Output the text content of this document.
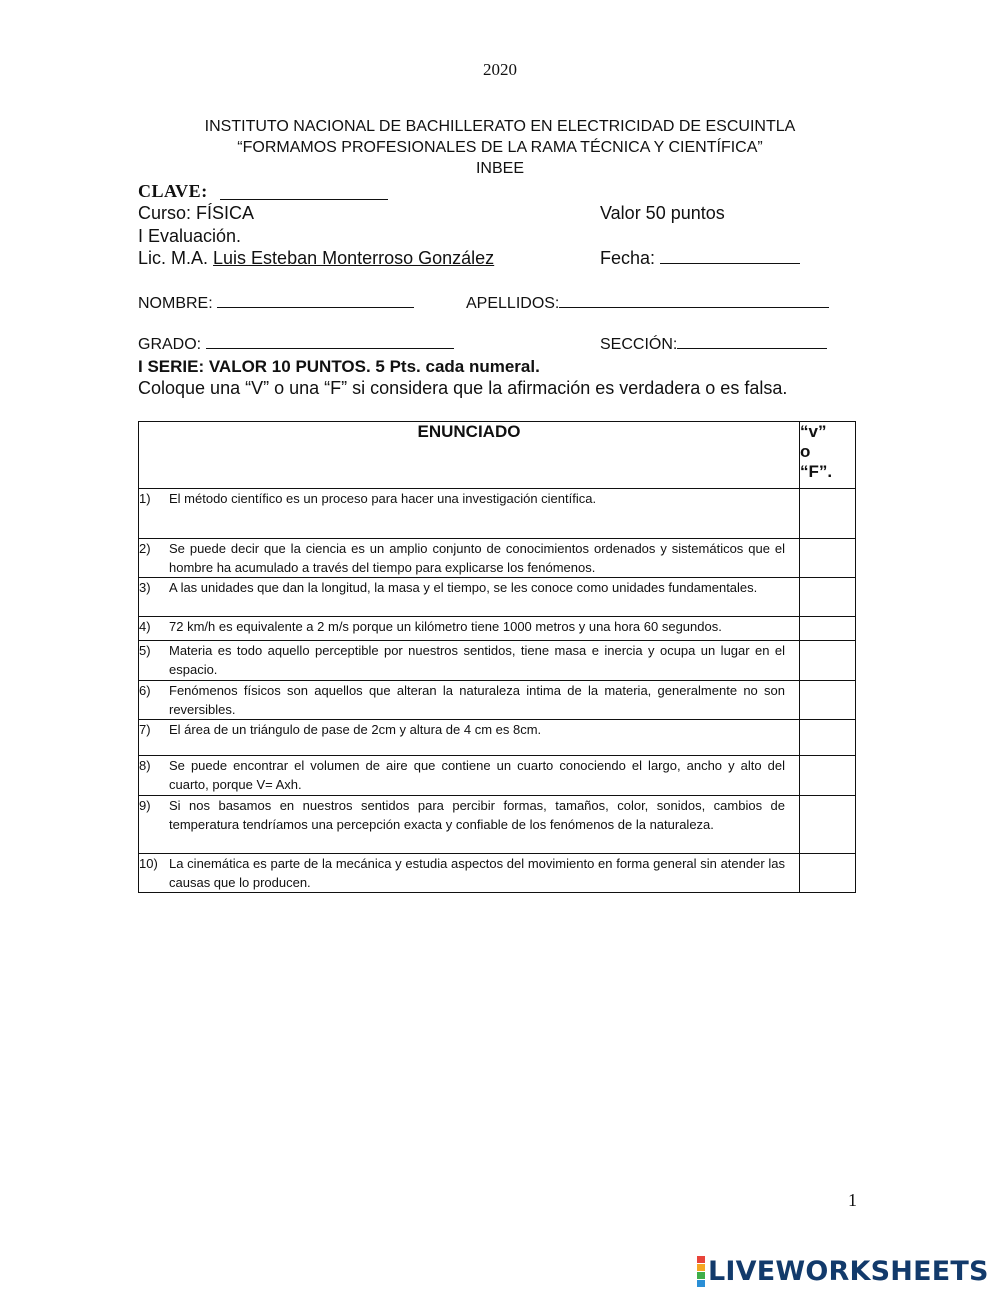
2020
INSTITUTO NACIONAL DE BACHILLERATO EN ELECTRICIDAD DE ESCUINTLA
“FORMAMOS PROFESIONALES DE LA RAMA TÉCNICA Y CIENTÍFICA”
INBEE
CLAVE:
Curso: FÍSICA	Valor 50 puntos
I Evaluación.
Lic. M.A. Luis Esteban Monterroso González	Fecha:
NOMBRE:	APELLIDOS:
GRADO:	SECCIÓN:
I SERIE: VALOR 10 PUNTOS. 5 Pts. cada numeral.
Coloque una “V” o una “F” si considera que la afirmación es verdadera o es falsa.
ENUNCIADO	“v”
o
“F”.

1) El método científico es un proceso para hacer una investigación científica.	
2) Se puede decir que la ciencia es un amplio conjunto de conocimientos ordenados y sistemáticos que el hombre ha acumulado a través del tiempo para explicarse los fenómenos.	
3) A las unidades que dan la longitud, la masa y el tiempo, se les conoce como unidades fundamentales.	
4) 72 km/h es equivalente a 2 m/s porque un kilómetro tiene 1000 metros y una hora 60 segundos.	
5) Materia es todo aquello perceptible por nuestros sentidos, tiene masa e inercia y ocupa un lugar en el espacio.	
6) Fenómenos físicos son aquellos que alteran la naturaleza intima de la materia, generalmente no son reversibles.	
7) El área de un triángulo de pase de 2cm y altura de 4 cm es 8cm.	
8) Se puede encontrar el volumen de aire que contiene un cuarto conociendo el largo, ancho y alto del cuarto, porque V= Axh.	
9) Si nos basamos en nuestros sentidos para percibir formas, tamaños, color, sonidos, cambios de temperatura tendríamos una percepción exacta y confiable de los fenómenos de la naturaleza.	
10) La cinemática es parte de la mecánica y estudia aspectos del movimiento en forma general sin atender las causas que lo producen.	
1
LIVEWORKSHEETS
